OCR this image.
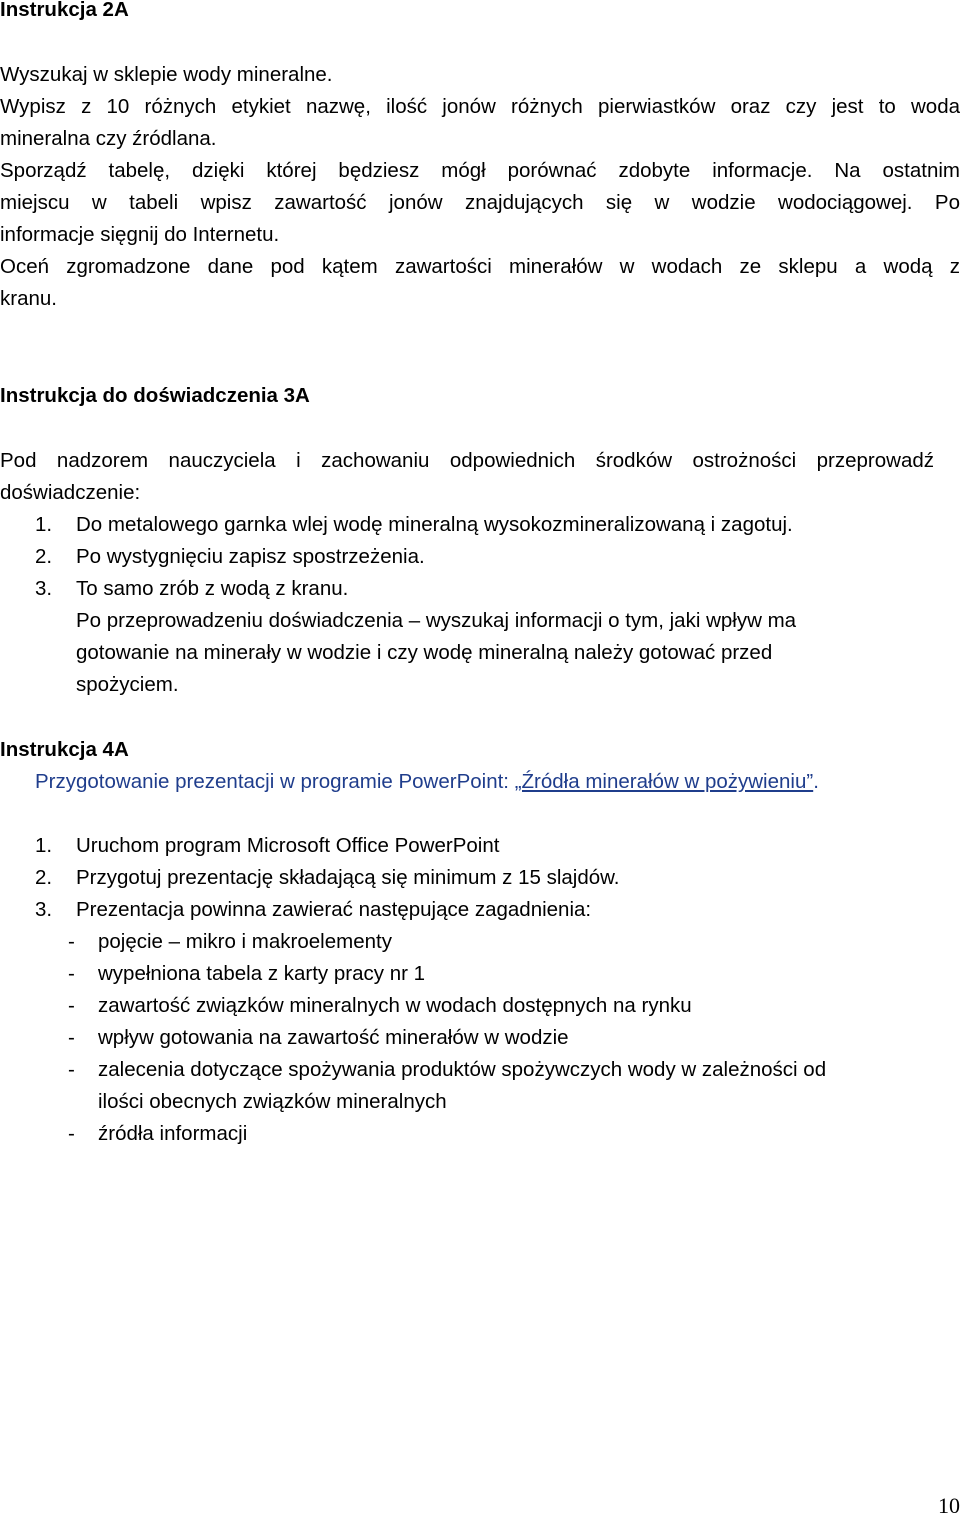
Instrukcja 2A
Wyszukaj w sklepie wody mineralne.
Wypisz z 10 różnych etykiet nazwę, ilość jonów różnych pierwiastków oraz czy jest to woda
mineralna czy źródlana.
Sporządź tabelę, dzięki której będziesz mógł porównać zdobyte informacje. Na ostatnim
miejscu w tabeli wpisz zawartość jonów znajdujących się w wodzie wodociągowej. Po
informacje sięgnij do Internetu.
Oceń zgromadzone dane pod kątem zawartości minerałów w wodach ze sklepu a wodą z
kranu.
Instrukcja do doświadczenia 3A
Pod nadzorem nauczyciela i zachowaniu odpowiednich środków ostrożności przeprowadź
doświadczenie:
1. Do metalowego garnka wlej wodę mineralną wysokozmineralizowaną i zagotuj.
2. Po wystygnięciu zapisz spostrzeżenia.
3. To samo zrób z wodą z kranu.
Po przeprowadzeniu doświadczenia – wyszukaj informacji o tym, jaki wpływ ma
gotowanie na minerały w wodzie i czy wodę mineralną należy gotować przed
spożyciem.
Instrukcja 4A
Przygotowanie prezentacji w programie PowerPoint: „Źródła minerałów w pożywieniu”.
1. Uruchom program Microsoft Office PowerPoint
2. Przygotuj prezentację składającą się minimum z 15 slajdów.
3. Prezentacja powinna zawierać następujące zagadnienia:
- pojęcie – mikro i makroelementy
- wypełniona tabela z karty pracy nr 1
- zawartość związków mineralnych w wodach dostępnych na rynku
- wpływ gotowania na zawartość minerałów w wodzie
- zalecenia dotyczące spożywania produktów spożywczych wody w zależności od
ilości obecnych związków mineralnych
- źródła informacji
10
